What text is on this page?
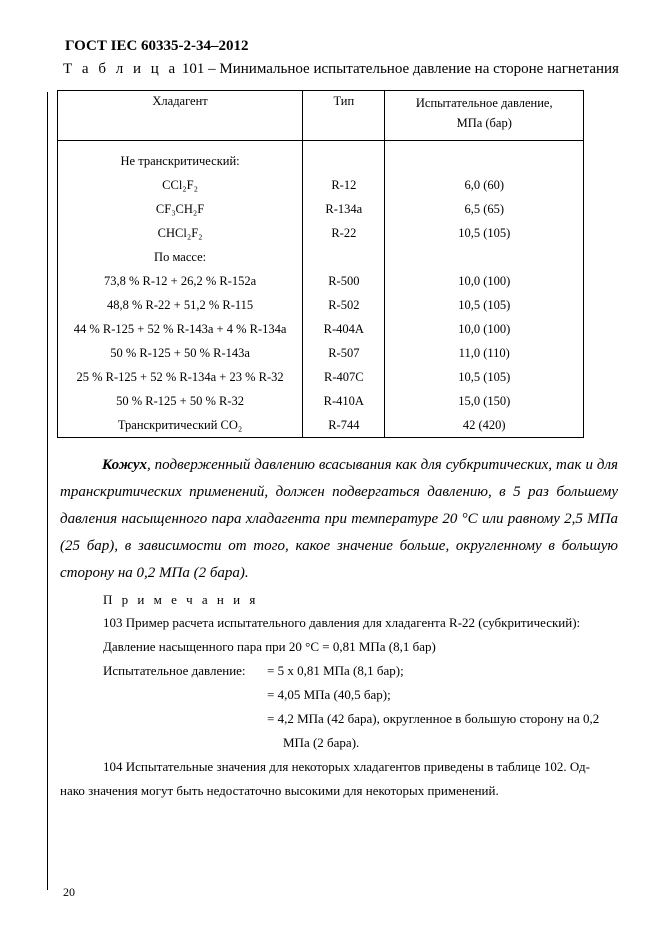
ГОСТ IEC 60335-2-34–2012
Т а б л и ц а 101 – Минимальное испытательное давление на стороне нагнетания
Хладагент	Тип	Испытательное давление,
МПа (бар)

Не транскритический:		
CCl₂F₂	R-12	6,0 (60)
CF₃CH₂F	R-134a	6,5 (65)
CHCl₂F₂	R-22	10,5 (105)
По массе:		
73,8 % R-12 + 26,2 % R-152a	R-500	10,0 (100)
48,8 % R-22 + 51,2 % R-115	R-502	10,5 (105)
44 % R-125 + 52 % R-143a + 4 % R-134a	R-404A	10,0 (100)
50 % R-125 + 50 % R-143a	R-507	11,0 (110)
25 % R-125 + 52 % R-134a + 23 % R-32	R-407C	10,5 (105)
50 % R-125 + 50 % R-32	R-410A	15,0 (150)
Транскритический CO₂	R-744	42 (420)
Кожух, подверженный давлению всасывания как для субкритических, так и для транскритических применений, должен подвергаться давлению, в 5 раз большему давления насыщенного пара хладагента при температуре 20 °С или равному 2,5 МПа (25 бар), в зависимости от того, какое значение больше, округленному в большую сторону на 0,2 МПа (2 бара).
П р и м е ч а н и я
103 Пример расчета испытательного давления для хладагента R-22 (субкритический):
Давление насыщенного пара при 20 °С = 0,81 МПа (8,1 бар)
Испытательное давление: = 5 х 0,81 МПа (8,1 бар);
= 4,05 МПа (40,5 бар);
= 4,2 МПа (42 бара), округленное в большую сторону на 0,2
МПа (2 бара).
104 Испытательные значения для некоторых хладагентов приведены в таблице 102. Од-
нако значения могут быть недостаточно высокими для некоторых применений.
20
